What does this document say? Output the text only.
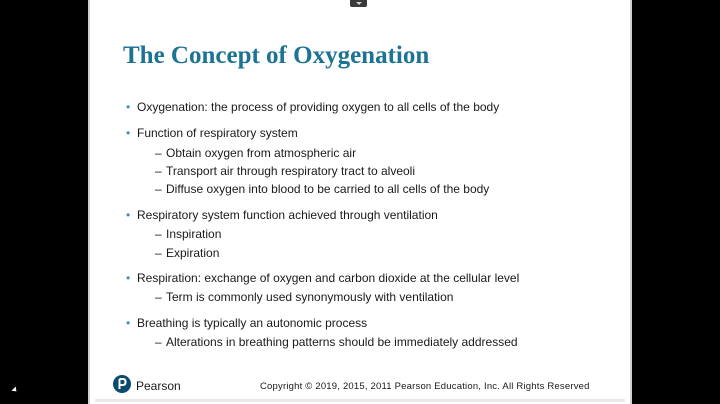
The Concept of Oxygenation
• Oxygenation: the process of providing oxygen to all cells of the body
• Function of respiratory system
– Obtain oxygen from atmospheric air
– Transport air through respiratory tract to alveoli
– Diffuse oxygen into blood to be carried to all cells of the body
• Respiratory system function achieved through ventilation
– Inspiration
– Expiration
• Respiration: exchange of oxygen and carbon dioxide at the cellular level
– Term is commonly used synonymously with ventilation
• Breathing is typically an autonomic process
– Alterations in breathing patterns should be immediately addressed
Pearson	Copyright © 2019, 2015, 2011 Pearson Education, Inc. All Rights Reserved
